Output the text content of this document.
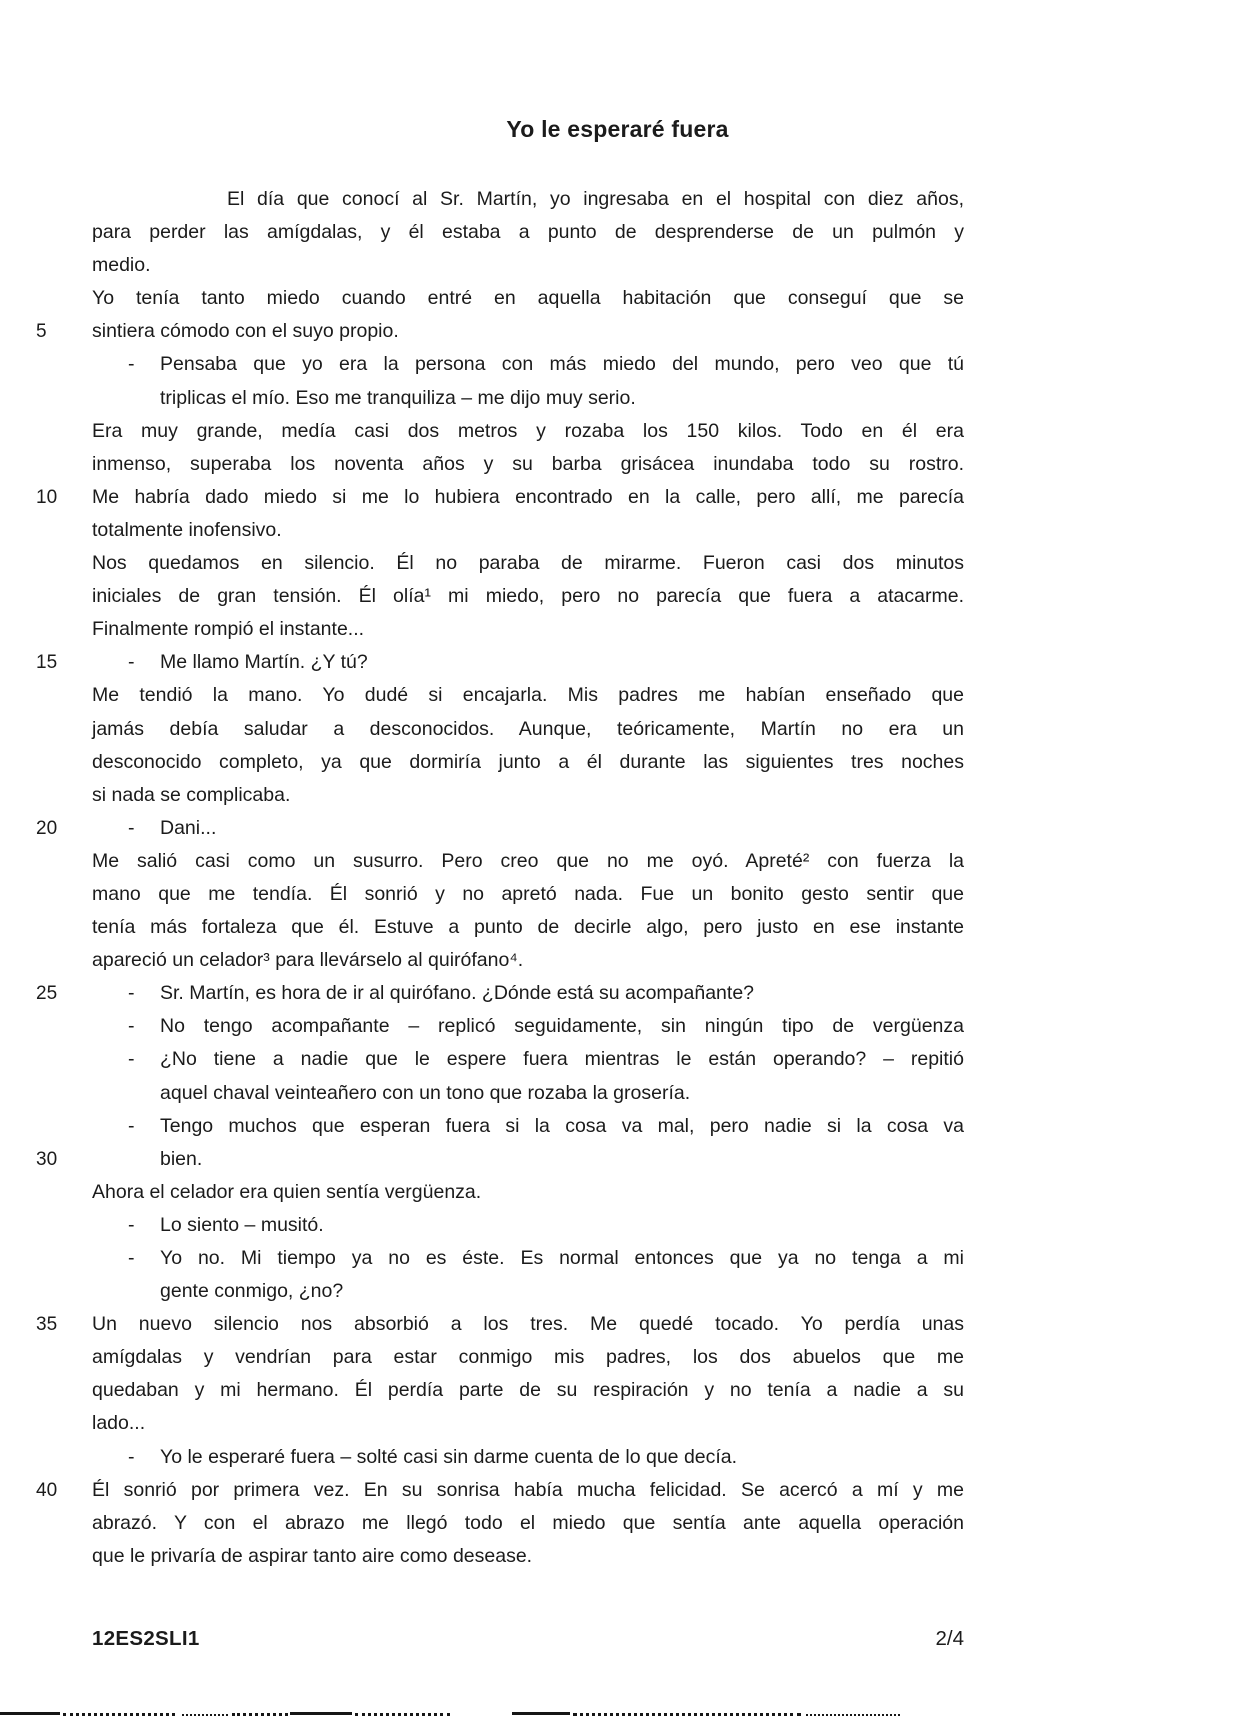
Yo le esperaré fuera
El día que conocí al Sr. Martín, yo ingresaba en el hospital con diez años,
para perder las amígdalas, y él estaba a punto de desprenderse de un pulmón y
medio.
Yo tenía tanto miedo cuando entré en aquella habitación que conseguí que se
5	sintiera cómodo con el suyo propio.
- Pensaba que yo era la persona con más miedo del mundo, pero veo que tú
triplicas el mío. Eso me tranquiliza – me dijo muy serio.
Era muy grande, medía casi dos metros y rozaba los 150 kilos. Todo en él era
inmenso, superaba los noventa años y su barba grisácea inundaba todo su rostro.
10	Me habría dado miedo si me lo hubiera encontrado en la calle, pero allí, me parecía
totalmente inofensivo.
Nos quedamos en silencio. Él no paraba de mirarme. Fueron casi dos minutos
iniciales de gran tensión. Él olía¹ mi miedo, pero no parecía que fuera a atacarme.
Finalmente rompió el instante...
15	- Me llamo Martín. ¿Y tú?
Me tendió la mano. Yo dudé si encajarla. Mis padres me habían enseñado que
jamás debía saludar a desconocidos. Aunque, teóricamente, Martín no era un
desconocido completo, ya que dormiría junto a él durante las siguientes tres noches
si nada se complicaba.
20	- Dani...
Me salió casi como un susurro. Pero creo que no me oyó. Apreté² con fuerza la
mano que me tendía. Él sonrió y no apretó nada. Fue un bonito gesto sentir que
tenía más fortaleza que él. Estuve a punto de decirle algo, pero justo en ese instante
apareció un celador³ para llevárselo al quirófano⁴.
25	- Sr. Martín, es hora de ir al quirófano. ¿Dónde está su acompañante?
- No tengo acompañante – replicó seguidamente, sin ningún tipo de vergüenza
- ¿No tiene a nadie que le espere fuera mientras le están operando? – repitió
aquel chaval veinteañero con un tono que rozaba la grosería.
- Tengo muchos que esperan fuera si la cosa va mal, pero nadie si la cosa va
30	bien.
Ahora el celador era quien sentía vergüenza.
- Lo siento – musitó.
- Yo no. Mi tiempo ya no es éste. Es normal entonces que ya no tenga a mi
gente conmigo, ¿no?
35	Un nuevo silencio nos absorbió a los tres. Me quedé tocado. Yo perdía unas
amígdalas y vendrían para estar conmigo mis padres, los dos abuelos que me
quedaban y mi hermano. Él perdía parte de su respiración y no tenía a nadie a su
lado...
- Yo le esperaré fuera – solté casi sin darme cuenta de lo que decía.
40	Él sonrió por primera vez. En su sonrisa había mucha felicidad. Se acercó a mí y me
abrazó. Y con el abrazo me llegó todo el miedo que sentía ante aquella operación
que le privaría de aspirar tanto aire como desease.
12ES2SLI1	2/4
